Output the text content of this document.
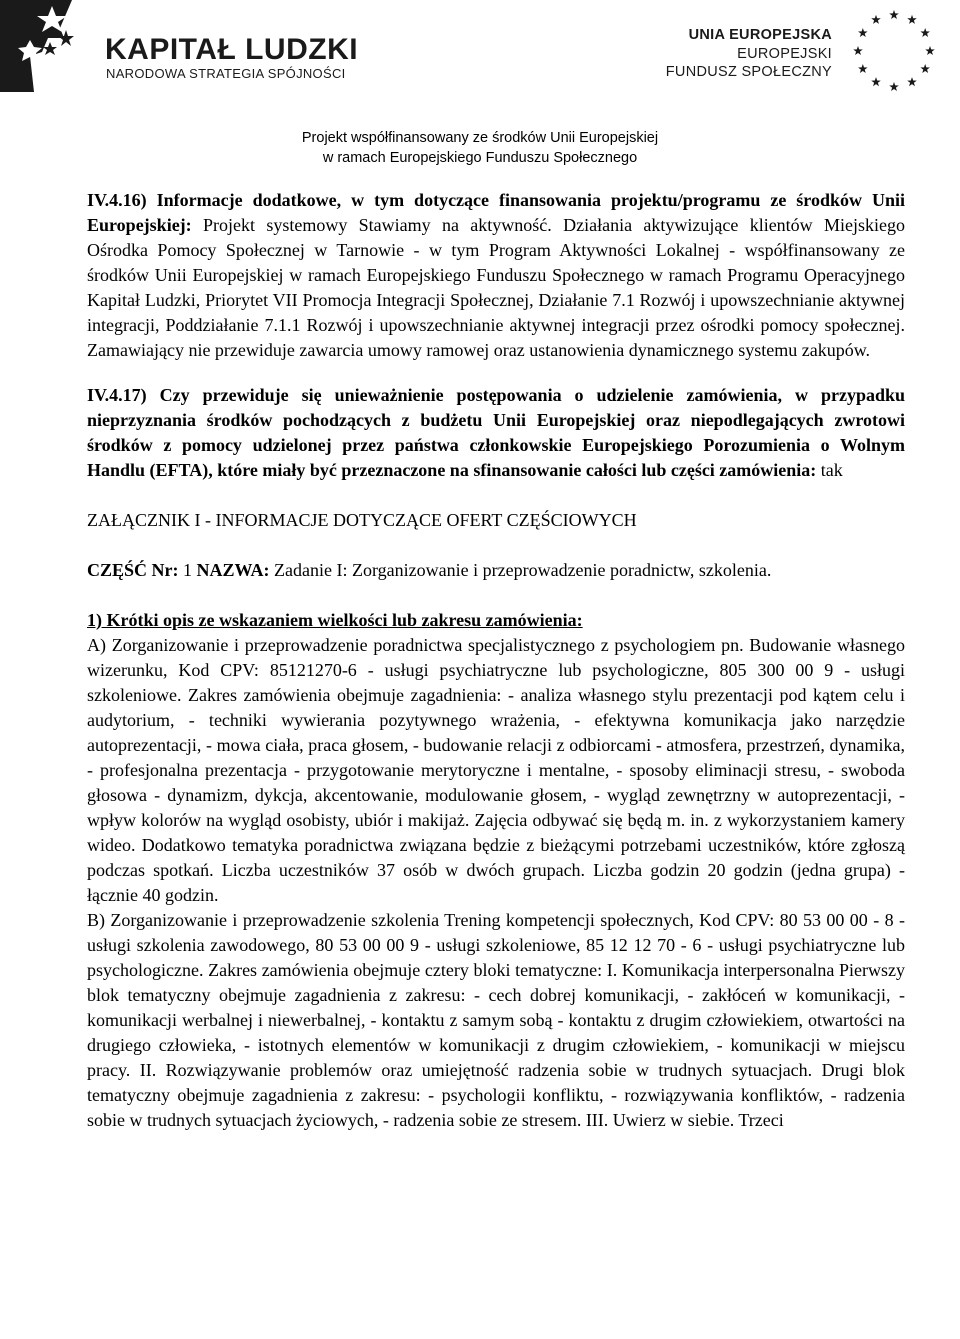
KAPITAŁ LUDZKI
NARODOWA STRATEGIA SPÓJNOŚCI
UNIA EUROPEJSKA
EUROPEJSKI
FUNDUSZ SPOŁECZNY
Projekt współfinansowany ze środków Unii Europejskiej
w ramach Europejskiego Funduszu Społecznego

IV.4.16) Informacje dodatkowe, w tym dotyczące finansowania projektu/programu ze środków Unii Europejskiej: Projekt systemowy Stawiamy na aktywność. Działania aktywizujące klientów Miejskiego Ośrodka Pomocy Społecznej w Tarnowie - w tym Program Aktywności Lokalnej - współfinansowany ze środków Unii Europejskiej w ramach Europejskiego Funduszu Społecznego w ramach Programu Operacyjnego Kapitał Ludzki, Priorytet VII Promocja Integracji Społecznej, Działanie 7.1 Rozwój i upowszechnianie aktywnej integracji, Poddziałanie 7.1.1 Rozwój i upowszechnianie aktywnej integracji przez ośrodki pomocy społecznej. Zamawiający nie przewiduje zawarcia umowy ramowej oraz ustanowienia dynamicznego systemu zakupów.

IV.4.17) Czy przewiduje się unieważnienie postępowania o udzielenie zamówienia, w przypadku nieprzyznania środków pochodzących z budżetu Unii Europejskiej oraz niepodlegających zwrotowi środków z pomocy udzielonej przez państwa członkowskie Europejskiego Porozumienia o Wolnym Handlu (EFTA), które miały być przeznaczone na sfinansowanie całości lub części zamówienia: tak

ZAŁĄCZNIK I - INFORMACJE DOTYCZĄCE OFERT CZĘŚCIOWYCH

CZĘŚĆ Nr: 1 NAZWA: Zadanie I: Zorganizowanie i przeprowadzenie poradnictw, szkolenia.

1) Krótki opis ze wskazaniem wielkości lub zakresu zamówienia:

A) Zorganizowanie i przeprowadzenie poradnictwa specjalistycznego z psychologiem pn. Budowanie własnego wizerunku, Kod CPV: 85121270-6 - usługi psychiatryczne lub psychologiczne, 805 300 00 9 - usługi szkoleniowe. Zakres zamówienia obejmuje zagadnienia: - analiza własnego stylu prezentacji pod kątem celu i audytorium, - techniki wywierania pozytywnego wrażenia, - efektywna komunikacja jako narzędzie autoprezentacji, - mowa ciała, praca głosem, - budowanie relacji z odbiorcami - atmosfera, przestrzeń, dynamika, - profesjonalna prezentacja - przygotowanie merytoryczne i mentalne, - sposoby eliminacji stresu, - swoboda głosowa - dynamizm, dykcja, akcentowanie, modulowanie głosem, - wygląd zewnętrzny w autoprezentacji, - wpływ kolorów na wygląd osobisty, ubiór i makijaż. Zajęcia odbywać się będą m. in. z wykorzystaniem kamery wideo. Dodatkowo tematyka poradnictwa związana będzie z bieżącymi potrzebami uczestników, które zgłoszą podczas spotkań. Liczba uczestników 37 osób w dwóch grupach. Liczba godzin 20 godzin (jedna grupa) - łącznie 40 godzin.

B) Zorganizowanie i przeprowadzenie szkolenia Trening kompetencji społecznych, Kod CPV: 80 53 00 00 - 8 - usługi szkolenia zawodowego, 80 53 00 00 9 - usługi szkoleniowe, 85 12 12 70 - 6 - usługi psychiatryczne lub psychologiczne. Zakres zamówienia obejmuje cztery bloki tematyczne: I. Komunikacja interpersonalna Pierwszy blok tematyczny obejmuje zagadnienia z zakresu: - cech dobrej komunikacji, - zakłóceń w komunikacji, - komunikacji werbalnej i niewerbalnej, - kontaktu z samym sobą - kontaktu z drugim człowiekiem, otwartości na drugiego człowieka, - istotnych elementów w komunikacji z drugim człowiekiem, - komunikacji w miejscu pracy. II. Rozwiązywanie problemów oraz umiejętność radzenia sobie w trudnych sytuacjach. Drugi blok tematyczny obejmuje zagadnienia z zakresu: - psychologii konfliktu, - rozwiązywania konfliktów, - radzenia sobie w trudnych sytuacjach życiowych, - radzenia sobie ze stresem. III. Uwierz w siebie. Trzeci
